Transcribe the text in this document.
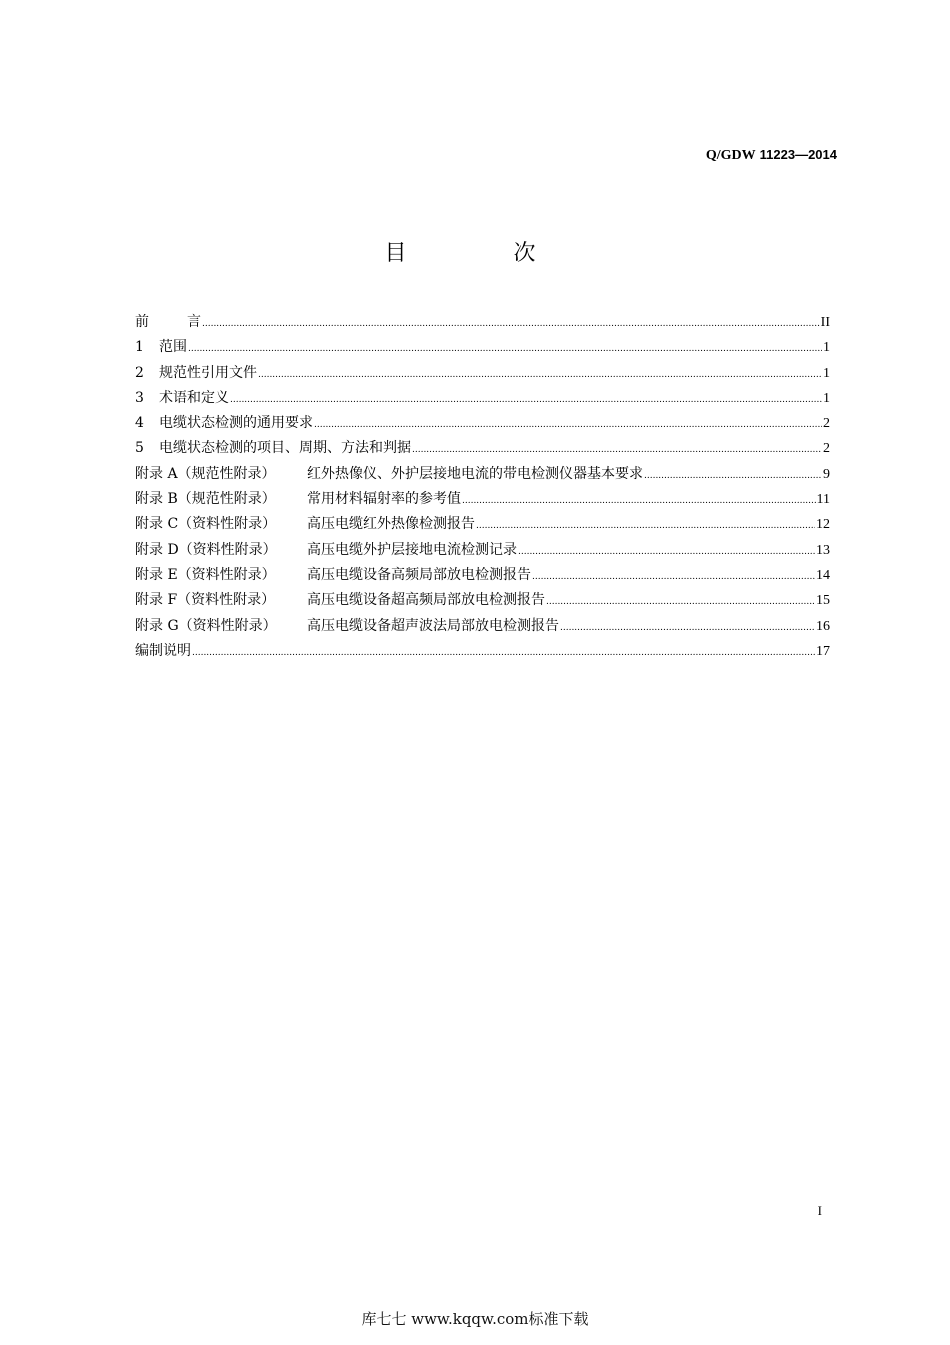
Q/GDW 11223—2014
目 次
前	言 .....	II
1 范围 .....	1
2 规范性引用文件 .....	1
3 术语和定义 .....	1
4 电缆状态检测的通用要求 .....	2
5 电缆状态检测的项目、周期、方法和判据 .....	2
附录 A（规范性附录） 红外热像仪、外护层接地电流的带电检测仪器基本要求 .....	9
附录 B（规范性附录） 常用材料辐射率的参考值 .....	11
附录 C（资料性附录） 高压电缆红外热像检测报告 .....	12
附录 D（资料性附录） 高压电缆外护层接地电流检测记录 .....	13
附录 E（资料性附录） 高压电缆设备高频局部放电检测报告 .....	14
附录 F（资料性附录） 高压电缆设备超高频局部放电检测报告 .....	15
附录 G（资料性附录） 高压电缆设备超声波法局部放电检测报告 .....	16
编制说明 .....	17
I
库七七 www.kqqw.com标准下载
